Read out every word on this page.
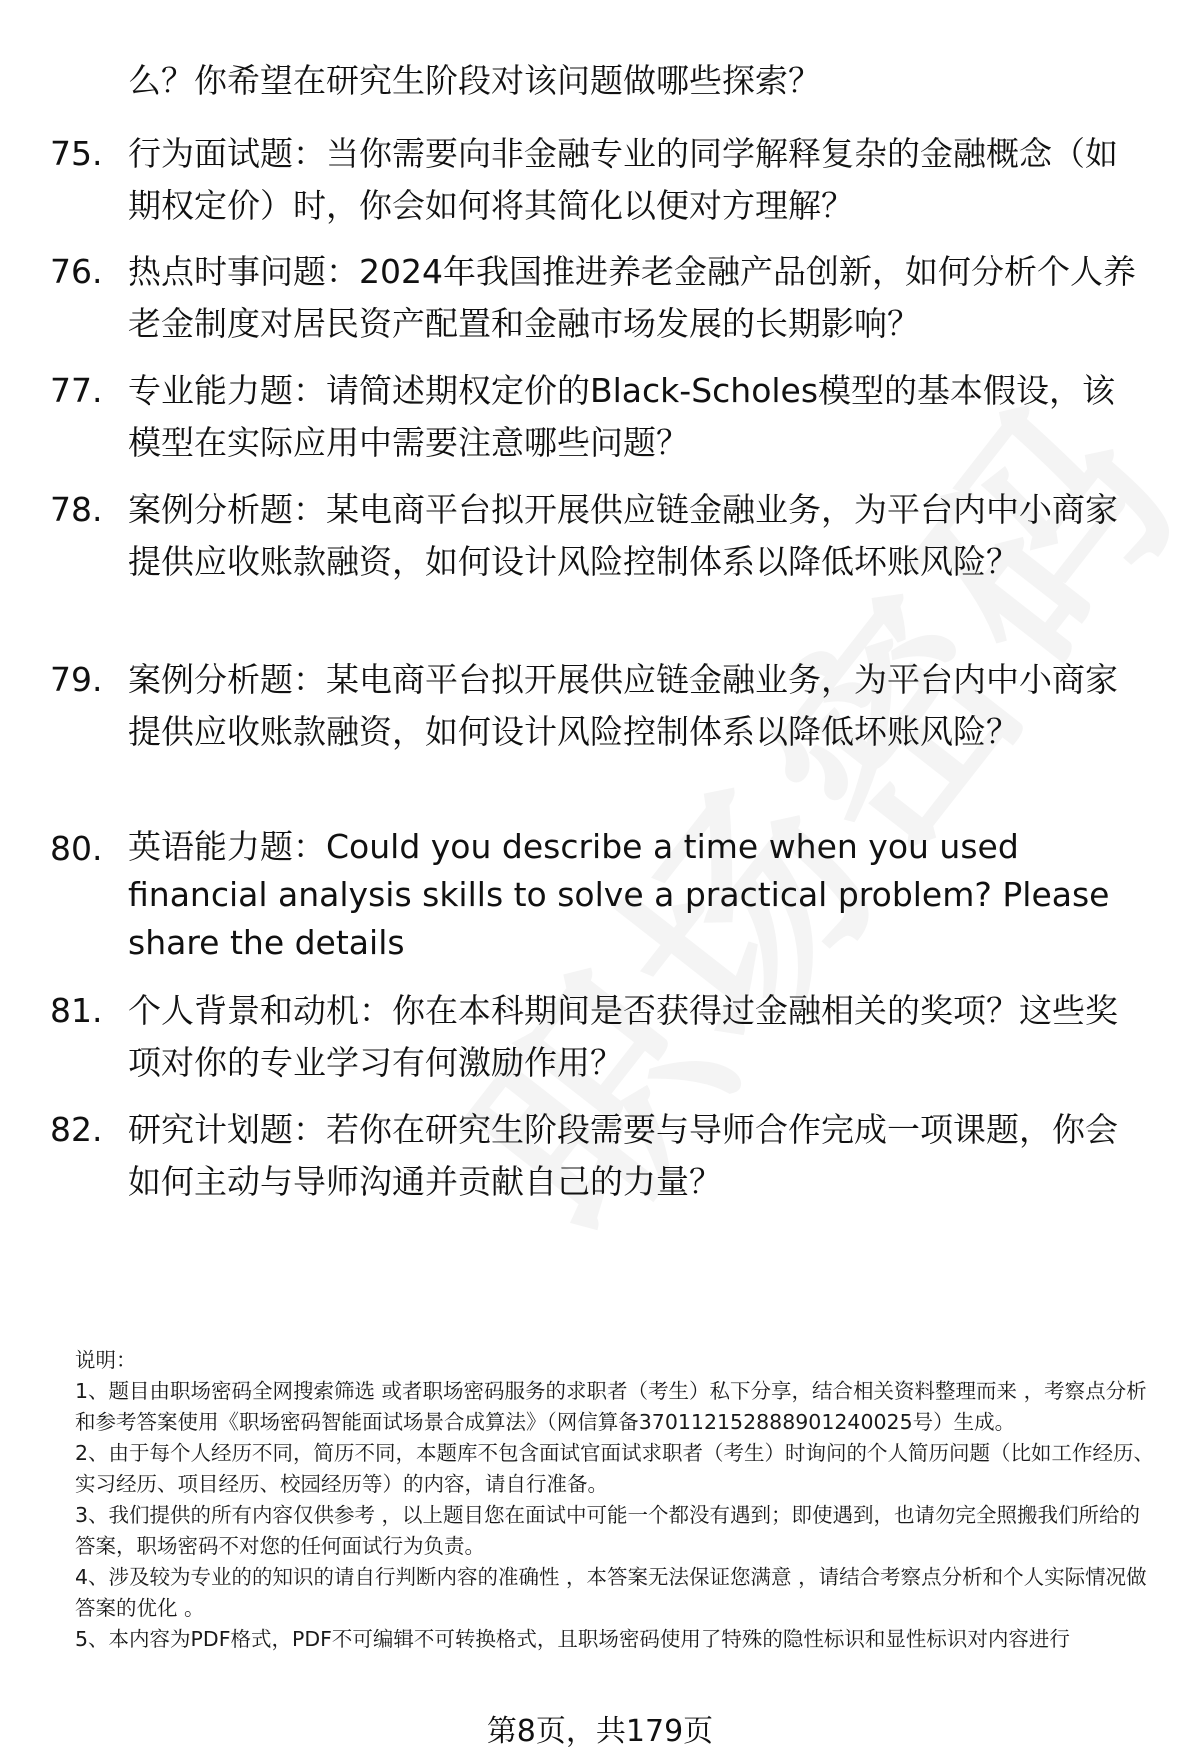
么？你希望在研究生阶段对该问题做哪些探索？
75. 行为面试题：当你需要向非金融专业的同学解释复杂的金融概念（如期权定价）时，你会如何将其简化以便对方理解？
76. 热点时事问题：2024年我国推进养老金融产品创新，如何分析个人养老金制度对居民资产配置和金融市场发展的长期影响？
77. 专业能力题：请简述期权定价的Black-Scholes模型的基本假设，该模型在实际应用中需要注意哪些问题？
78. 案例分析题：某电商平台拟开展供应链金融业务，为平台内中小商家提供应收账款融资，如何设计风险控制体系以降低坏账风险？
79. 案例分析题：某电商平台拟开展供应链金融业务，为平台内中小商家提供应收账款融资，如何设计风险控制体系以降低坏账风险？
80. 英语能力题：Could you describe a time when you used financial analysis skills to solve a practical problem? Please share the details
81. 个人背景和动机：你在本科期间是否获得过金融相关的奖项？这些奖项对你的专业学习有何激励作用？
82. 研究计划题：若你在研究生阶段需要与导师合作完成一项课题，你会如何主动与导师沟通并贡献自己的力量？

说明：

1、题目由职场密码全网搜索筛选 或者职场密码服务的求职者（考生）私下分享，结合相关资料整理而来 ，考察点分析和参考答案使用《职场密码智能面试场景合成算法》（网信算备370112152888901240025号）生成。

2、由于每个人经历不同，简历不同，本题库不包含面试官面试求职者（考生）时询问的个人简历问题（比如工作经历、实习经历、项目经历、校园经历等）的内容，请自行准备。

3、我们提供的所有内容仅供参考 ，以上题目您在面试中可能一个都没有遇到；即使遇到，也请勿完全照搬我们所给的答案，职场密码不对您的任何面试行为负责。

4、涉及较为专业的的知识的请自行判断内容的准确性 ，本答案无法保证您满意 ，请结合考察点分析和个人实际情况做答案的优化 。

5、本内容为PDF格式，PDF不可编辑不可转换格式，且职场密码使用了特殊的隐性标识和显性标识对内容进行

第8页，共179页
